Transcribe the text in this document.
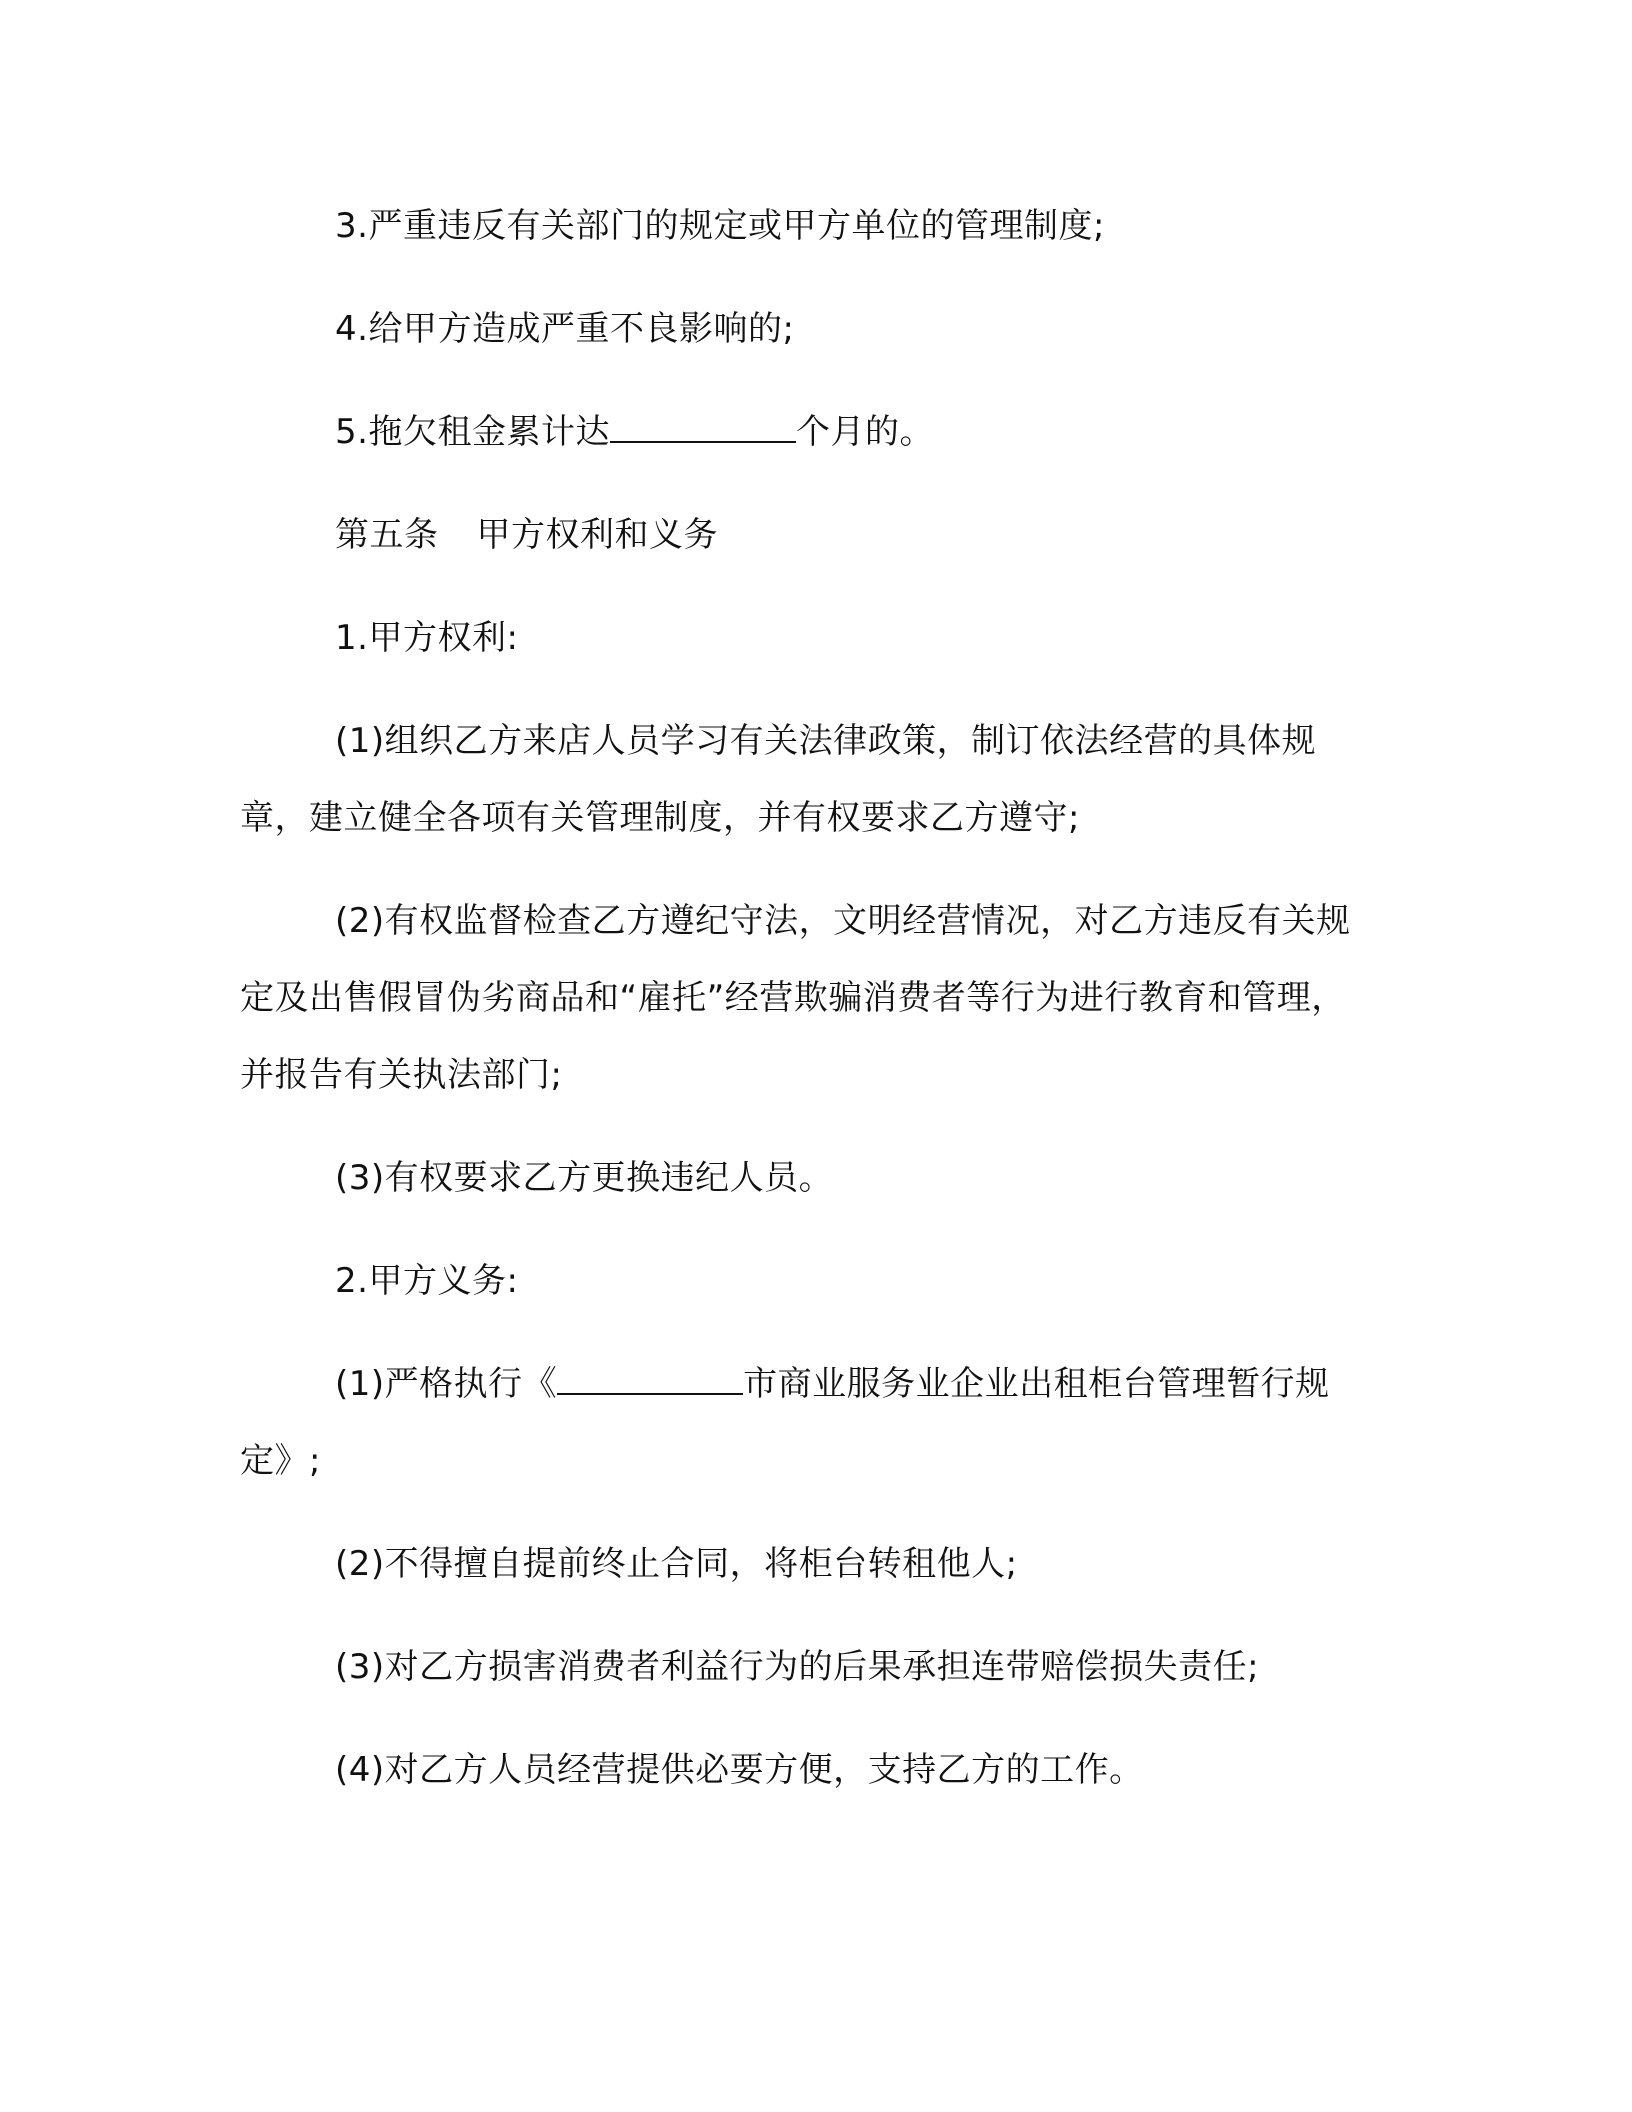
3.严重违反有关部门的规定或甲方单位的管理制度;

4.给甲方造成严重不良影响的;

5.拖欠租金累计达	个月的。

第五条 甲方权利和义务

1.甲方权利:

(1)组织乙方来店人员学习有关法律政策，制订依法经营的具体规章，建立健全各项有关管理制度，并有权要求乙方遵守;

(2)有权监督检查乙方遵纪守法，文明经营情况，对乙方违反有关规定及出售假冒伪劣商品和“雇托”经营欺骗消费者等行为进行教育和管理，并报告有关执法部门;

(3)有权要求乙方更换违纪人员。

2.甲方义务:

(1)严格执行《	市商业服务业企业出租柜台管理暂行规定》;

(2)不得擅自提前终止合同，将柜台转租他人;

(3)对乙方损害消费者利益行为的后果承担连带赔偿损失责任;

(4)对乙方人员经营提供必要方便，支持乙方的工作。
